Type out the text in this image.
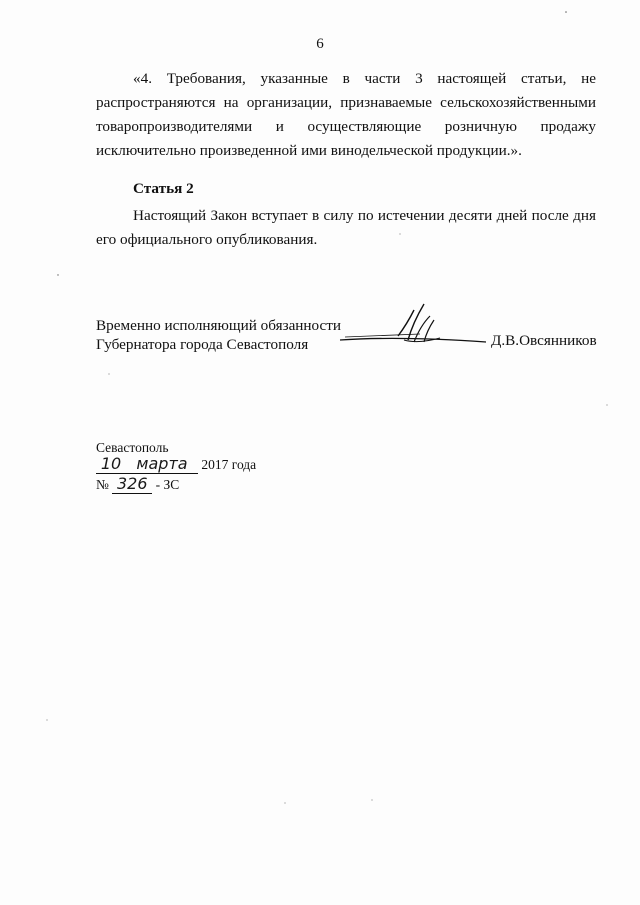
6
«4. Требования, указанные в части 3 настоящей статьи, не
распространяются на организации, признаваемые сельскохозяйственными
товаропроизводителями и осуществляющие розничную продажу
исключительно произведенной ими винодельческой продукции.».
Статья 2
Настоящий Закон вступает в силу по истечении десяти дней после дня
его официального опубликования.
Временно исполняющий обязанности
Губернатора города Севастополя	Д.В.Овсянников
Севастополь
10 марта 2017 года
№ 326 - ЗС
